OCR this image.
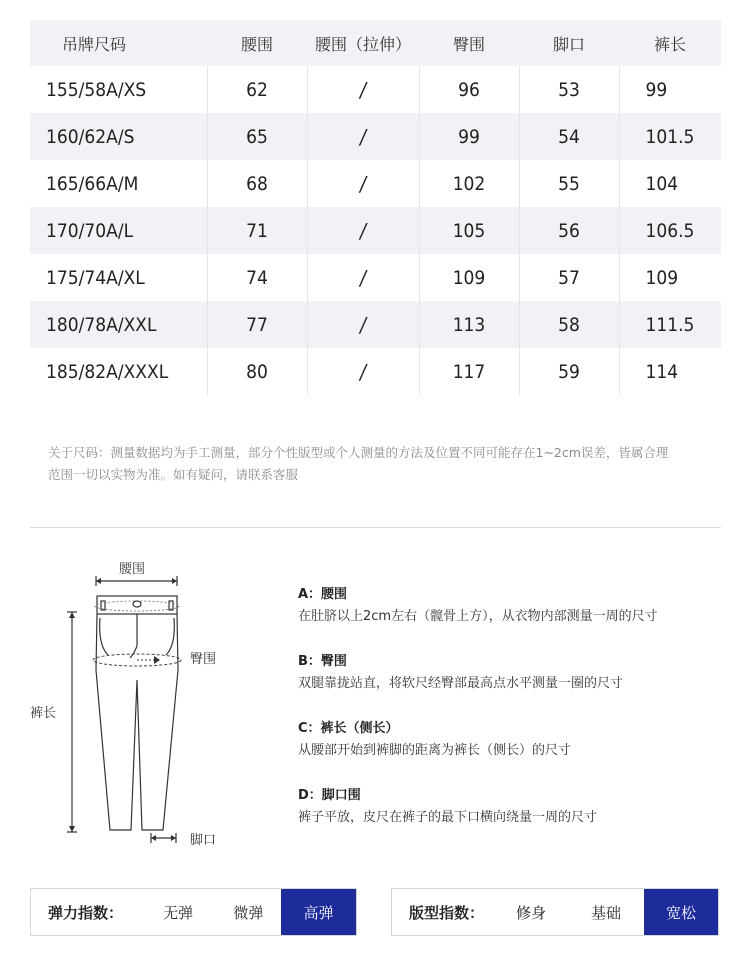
吊牌尺码	腰围	腰围（拉伸）	臀围	脚口	裤长
155/58A/XS	62	/	96	53	99
160/62A/S	65	/	99	54	101.5
165/66A/M	68	/	102	55	104
170/70A/L	71	/	105	56	106.5
175/74A/XL	74	/	109	57	109
180/78A/XXL	77	/	113	58	111.5
185/82A/XXXL	80	/	117	59	114
关于尺码：测量数据均为手工测量，部分个性版型或个人测量的方法及位置不同可能存在1~2cm误差，皆属合理
范围一切以实物为准。如有疑问，请联系客服
腰围
臀围
裤长
脚口
A：腰围
在肚脐以上2cm左右（髋骨上方），从衣物内部测量一周的尺寸
B：臀围
双腿靠拢站直，将软尺经臀部最高点水平测量一圈的尺寸
C：裤长（侧长）
从腰部开始到裤脚的距离为裤长（侧长）的尺寸
D：脚口围
裤子平放，皮尺在裤子的最下口横向绕量一周的尺寸
弹力指数：	无弹	微弹	高弹	版型指数：	修身	基础	宽松
